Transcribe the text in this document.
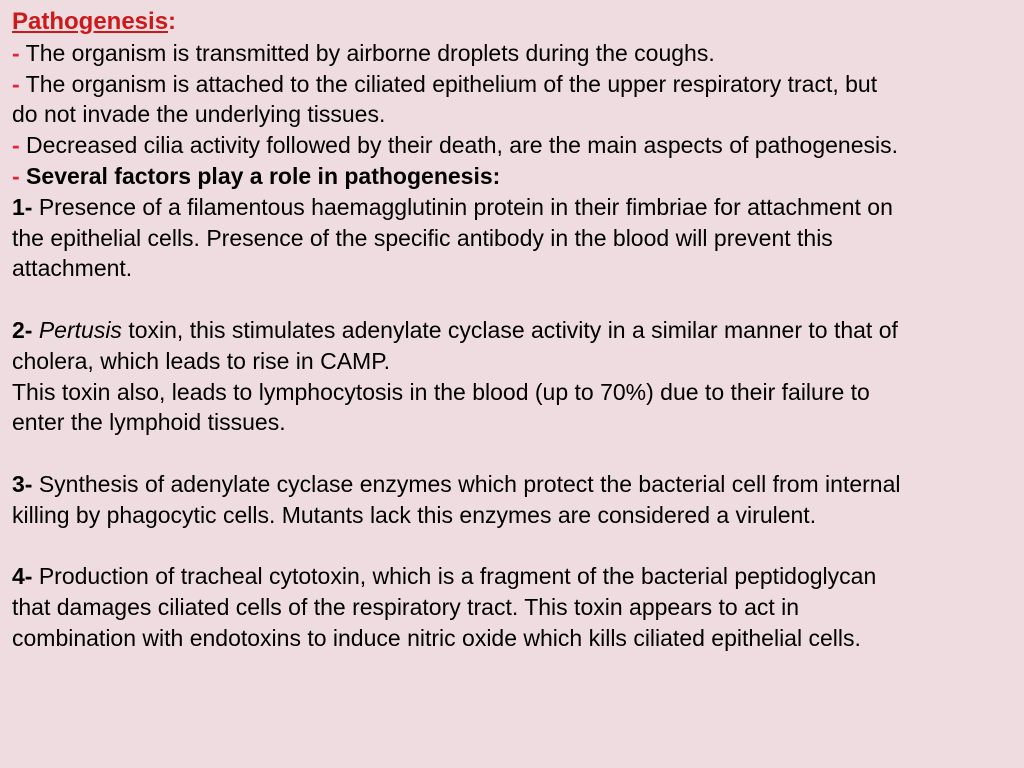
Pathogenesis:
- The organism is transmitted by airborne droplets during the coughs.
- The organism is attached to the ciliated epithelium of the upper respiratory tract, but
do not invade the underlying tissues.
- Decreased cilia activity followed by their death, are the main aspects of pathogenesis.
- Several factors play a role in pathogenesis:
1- Presence of a filamentous haemagglutinin protein in their fimbriae for attachment on
the epithelial cells. Presence of the specific antibody in the blood will prevent this
attachment.
2- Pertusis toxin, this stimulates adenylate cyclase activity in a similar manner to that of
cholera, which leads to rise in CAMP.
This toxin also, leads to lymphocytosis in the blood (up to 70%) due to their failure to
enter the lymphoid tissues.
3- Synthesis of adenylate cyclase enzymes which protect the bacterial cell from internal
killing by phagocytic cells. Mutants lack this enzymes are considered a virulent.
4- Production of tracheal cytotoxin, which is a fragment of the bacterial peptidoglycan
that damages ciliated cells of the respiratory tract. This toxin appears to act in
combination with endotoxins to induce nitric oxide which kills ciliated epithelial cells.
